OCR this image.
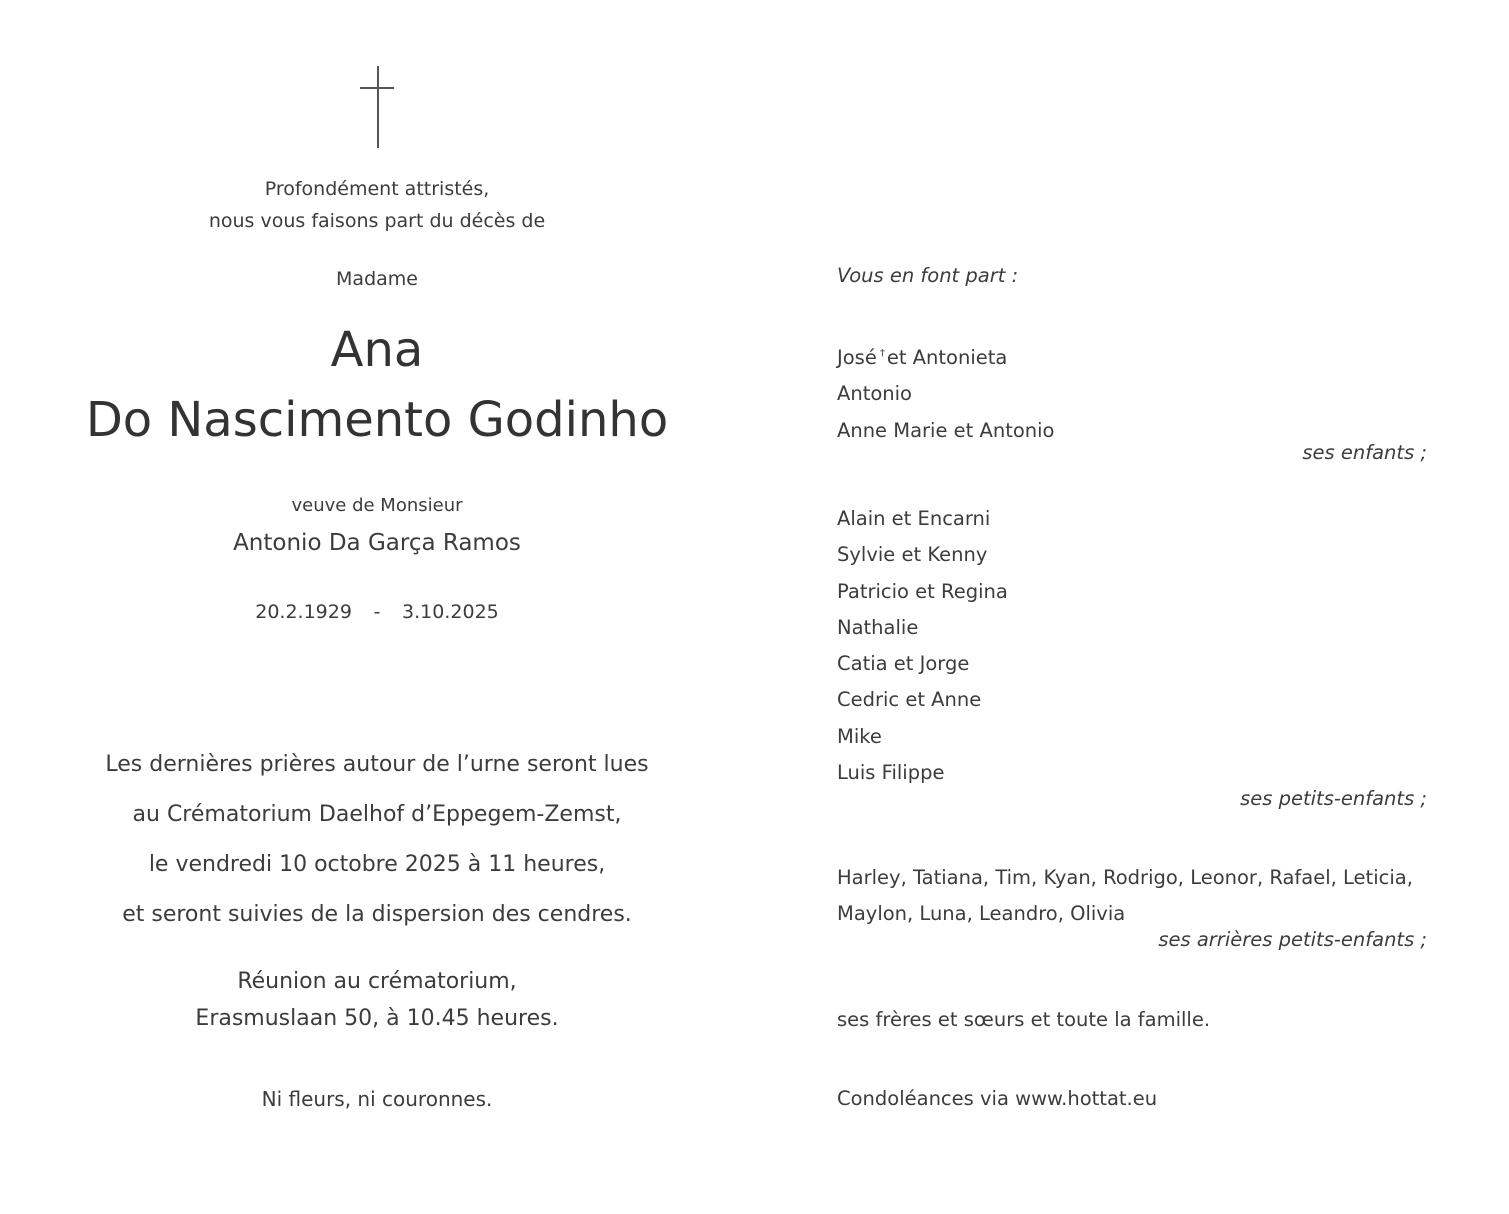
Profondément attristés,
nous vous faisons part du décès de
Madame
Ana
Do Nascimento Godinho
veuve de Monsieur
Antonio Da Garça Ramos
20.2.1929 - 3.10.2025
Les dernières prières autour de l’urne seront lues
au Crématorium Daelhof d’Eppegem-Zemst,
le vendredi 10 octobre 2025 à 11 heures,
et seront suivies de la dispersion des cendres.
Réunion au crématorium,
Erasmuslaan 50, à 10.45 heures.
Ni fleurs, ni couronnes.
Vous en font part :
José † et Antonieta
Antonio
Anne Marie et Antonio
ses enfants ;
Alain et Encarni
Sylvie et Kenny
Patricio et Regina
Nathalie
Catia et Jorge
Cedric et Anne
Mike
Luis Filippe
ses petits-enfants ;
Harley, Tatiana, Tim, Kyan, Rodrigo, Leonor, Rafael, Leticia,
Maylon, Luna, Leandro, Olivia
ses arrières petits-enfants ;
ses frères et sœurs et toute la famille.
Condoléances via www.hottat.eu
